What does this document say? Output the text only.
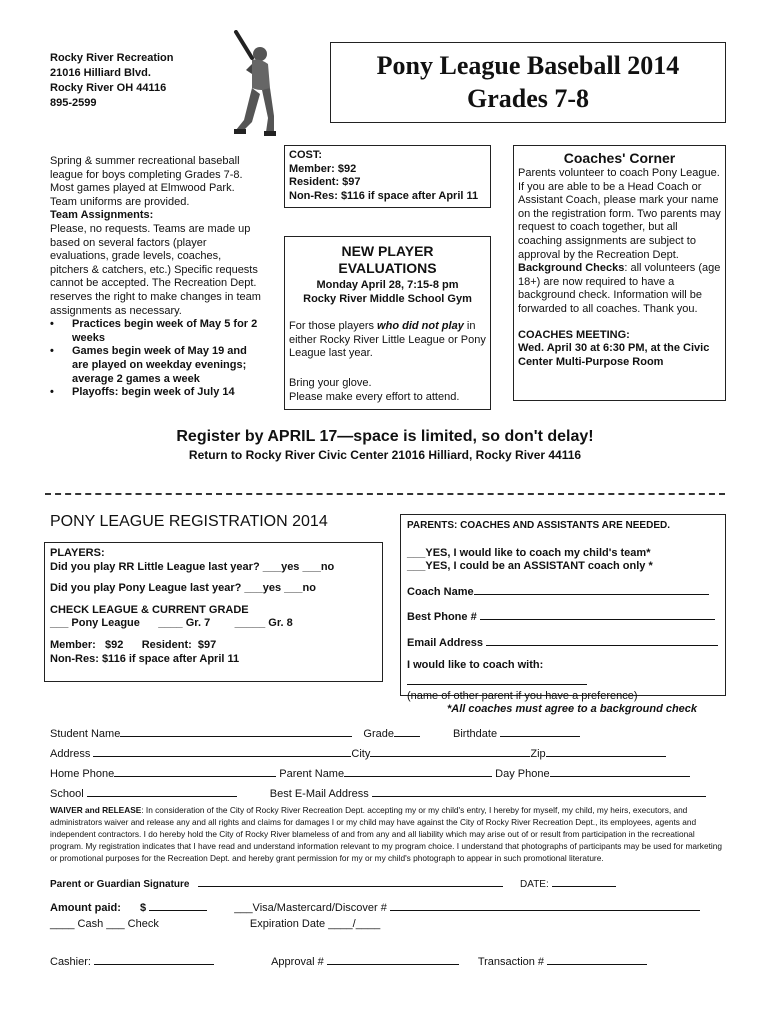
Rocky River Recreation
21016 Hilliard Blvd.
Rocky River OH 44116
895-2599
Pony League Baseball 2014
Grades 7-8

Spring & summer recreational baseball league for boys completing Grades 7-8. Most games played at Elmwood Park. Team uniforms are provided.

Team Assignments:

Please, no requests. Teams are made up based on several factors (player evaluations, grade levels, coaches, pitchers & catchers, etc.) Specific requests cannot be accepted. The Recreation Dept. reserves the right to make changes in team assignments as necessary.

• Practices begin week of May 5 for 2 weeks
• Games begin week of May 19 and are played on weekday evenings; average 2 games a week
• Playoffs: begin week of July 14
COST:
Member: $92
Resident: $97
Non-Res: $116 if space after April 11
NEW PLAYER
EVALUATIONS
Monday April 28, 7:15-8 pm
Rocky River Middle School Gym

For those players who did not play in either Rocky River Little League or Pony League last year.

Bring your glove.

Please make every effort to attend.

Coaches' Corner

Parents volunteer to coach Pony League. If you are able to be a Head Coach or Assistant Coach, please mark your name on the registration form. Two parents may request to coach together, but all coaching assignments are subject to approval by the Recreation Dept.

Background Checks: all volunteers (age 18+) are now required to have a background check. Information will be forwarded to all coaches. Thank you.

COACHES MEETING:

Wed. April 30 at 6:30 PM, at the Civic Center Multi-Purpose Room

Register by APRIL 17—space is limited, so don't delay!
Return to Rocky River Civic Center 21016 Hilliard, Rocky River 44116
PONY LEAGUE REGISTRATION 2014
PLAYERS:
Did you play RR Little League last year? ___yes ___no
Did you play Pony League last year? ___yes ___no
CHECK LEAGUE & CURRENT GRADE
___ Pony League      ____ Gr. 7        _____ Gr. 8
Member:   $92      Resident:  $97
Non-Res: $116 if space after April 11
PARENTS: COACHES AND ASSISTANTS ARE NEEDED.
___YES, I would like to coach my child's team*
___YES, I could be an ASSISTANT coach only *
Coach Name
Best Phone #
Email Address
I would like to coach with:
(name of other parent if you have a preference)
*All coaches must agree to a background check
Student Name	Grade	Birthdate
Address	City	Zip
Home Phone	Parent Name	Day Phone
School	Best E-Mail Address
WAIVER and RELEASE: In consideration of the City of Rocky River Recreation Dept. accepting my or my child's entry, I hereby for myself, my child, my heirs, executors, and administrators waiver and release any and all rights and claims for damages I or my child may have against the City of Rocky River Recreation Dept., its employees, agents and independent contractors. I do hereby hold the City of Rocky River blameless of and from any and all liability which may arise out of or result from participation in the recreational program. My registration indicates that I have read and understand information relevant to my program choice. I understand that photographs of participants may be used for marketing or promotional purposes for the Recreation Dept. and hereby grant permission for my or my child's photograph to appear in such promotional literature.
Parent or Guardian Signature	DATE:
Amount paid: $	___Visa/Mastercard/Discover #
____ Cash ___ Check	Expiration Date ____/____
Cashier:	Approval #	Transaction #
